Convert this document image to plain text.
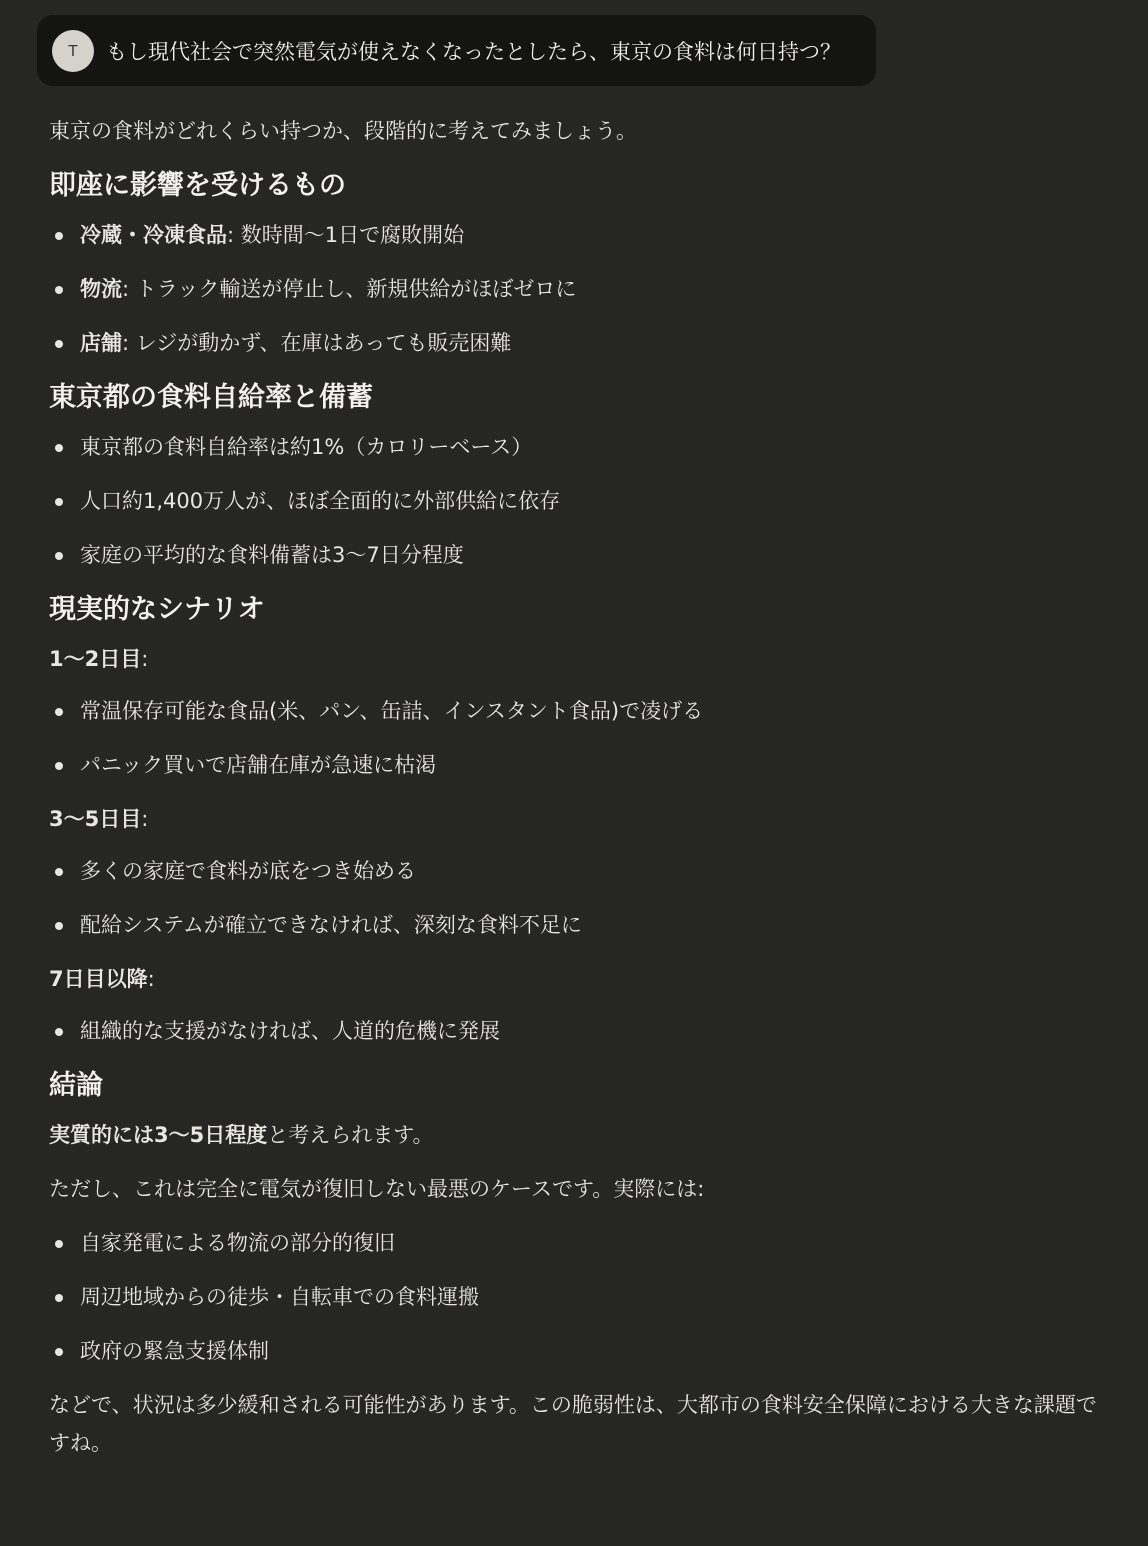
T	もし現代社会で突然電気が使えなくなったとしたら、東京の食料は何日持つ？

東京の食料がどれくらい持つか、段階的に考えてみましょう。

即座に影響を受けるもの
冷蔵・冷凍食品: 数時間〜1日で腐敗開始
物流: トラック輸送が停止し、新規供給がほぼゼロに
店舗: レジが動かず、在庫はあっても販売困難
東京都の食料自給率と備蓄
東京都の食料自給率は約1%（カロリーベース）
人口約1,400万人が、ほぼ全面的に外部供給に依存
家庭の平均的な食料備蓄は3〜7日分程度
現実的なシナリオ
1〜2日目:
常温保存可能な食品(米、パン、缶詰、インスタント食品)で凌げる
パニック買いで店舗在庫が急速に枯渇
3〜5日目:
多くの家庭で食料が底をつき始める
配給システムが確立できなければ、深刻な食料不足に
7日目以降:
組織的な支援がなければ、人道的危機に発展
結論

実質的には3〜5日程度と考えられます。

ただし、これは完全に電気が復旧しない最悪のケースです。実際には:

自家発電による物流の部分的復旧
周辺地域からの徒歩・自転車での食料運搬
政府の緊急支援体制

などで、状況は多少緩和される可能性があります。この脆弱性は、大都市の食料安全保障における大きな課題ですね。
